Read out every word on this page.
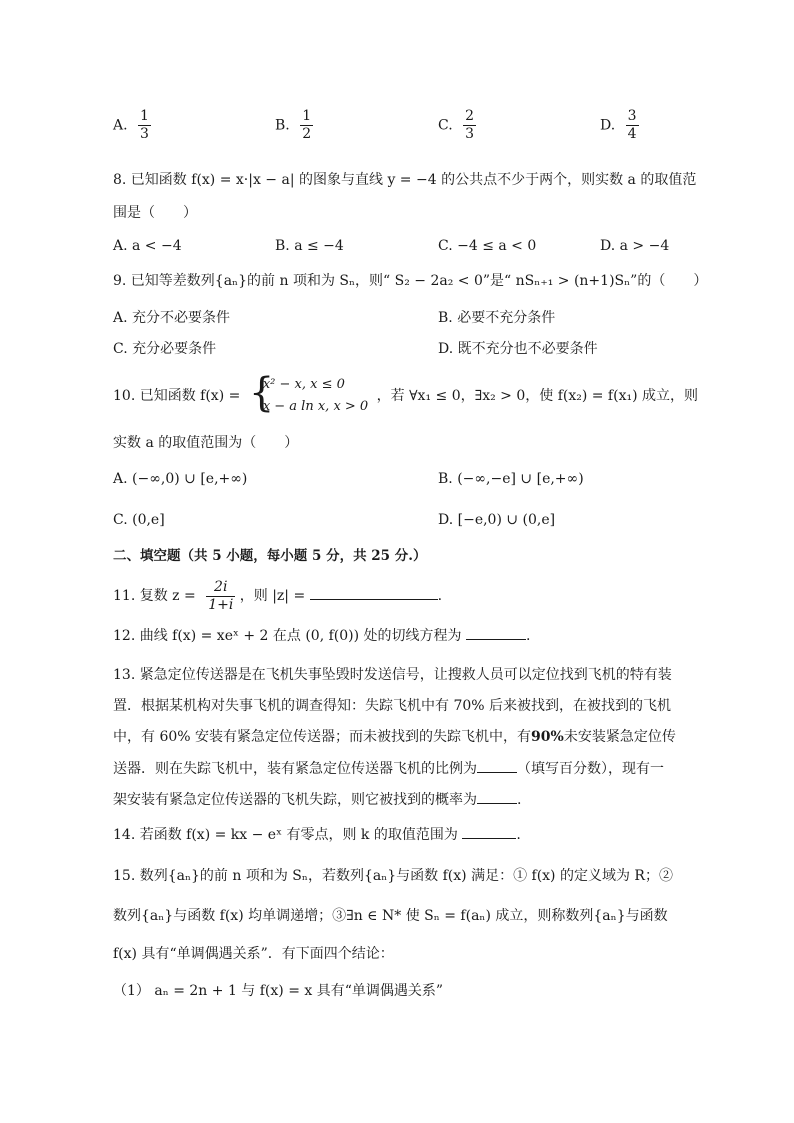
A. $\frac{1}{3}$	B. $\frac{1}{2}$	C. $\frac{2}{3}$	D. $\frac{3}{4}$
8. 已知函数 f(x) = x·|x − a| 的图象与直线 y = −4 的公共点不少于两个，则实数 a 的取值范
围是（　　）
A. a < −4	B. a ≤ −4	C. −4 ≤ a < 0	D. a > −4
9. 已知等差数列{aₙ}的前 n 项和为 Sₙ，则“ S₂ − 2a₂ < 0”是“ nSₙ₊₁ > (n+1)Sₙ”的（　　）
A. 充分不必要条件	B. 必要不充分条件
C. 充分必要条件	D. 既不充分也不必要条件
10. 已知函数 f(x) = {
x² − x, x ≤ 0
x − a ln x, x > 0
，若 ∀x₁ ≤ 0，∃x₂ > 0，使 f(x₂) = f(x₁) 成立，则
实数 a 的取值范围为（　　）
A. (−∞,0) ∪ [e,+∞)	B. (−∞,−e] ∪ [e,+∞)
C. (0,e]	D. [−e,0) ∪ (0,e]
二、填空题（共 5 小题，每小题 5 分，共 25 分.）
11. 复数 $z = \frac{2i}{1+i}$ ，则 |z| =	.
12. 曲线 f(x) = xeˣ + 2 在点 (0, f(0)) 处的切线方程为	.
13. 紧急定位传送器是在飞机失事坠毁时发送信号，让搜救人员可以定位找到飞机的特有装
置．根据某机构对失事飞机的调查得知：失踪飞机中有 70% 后来被找到，在被找到的飞机
中，有 60% 安装有紧急定位传送器；而未被找到的失踪飞机中，有90%未安装紧急定位传
送器．则在失踪飞机中，装有紧急定位传送器飞机的比例为	（填写百分数），现有一
架安装有紧急定位传送器的飞机失踪，则它被找到的概率为	.
14. 若函数 f(x) = kx − eˣ 有零点，则 k 的取值范围为	.
15. 数列{aₙ}的前 n 项和为 Sₙ，若数列{aₙ}与函数 f(x) 满足：① f(x) 的定义域为 R；②
数列{aₙ}与函数 f(x) 均单调递增；③∃n ∈ N* 使 Sₙ = f(aₙ) 成立，则称数列{aₙ}与函数
f(x) 具有“单调偶遇关系”．有下面四个结论：
（1） aₙ = 2n + 1 与 f(x) = x 具有“单调偶遇关系”
